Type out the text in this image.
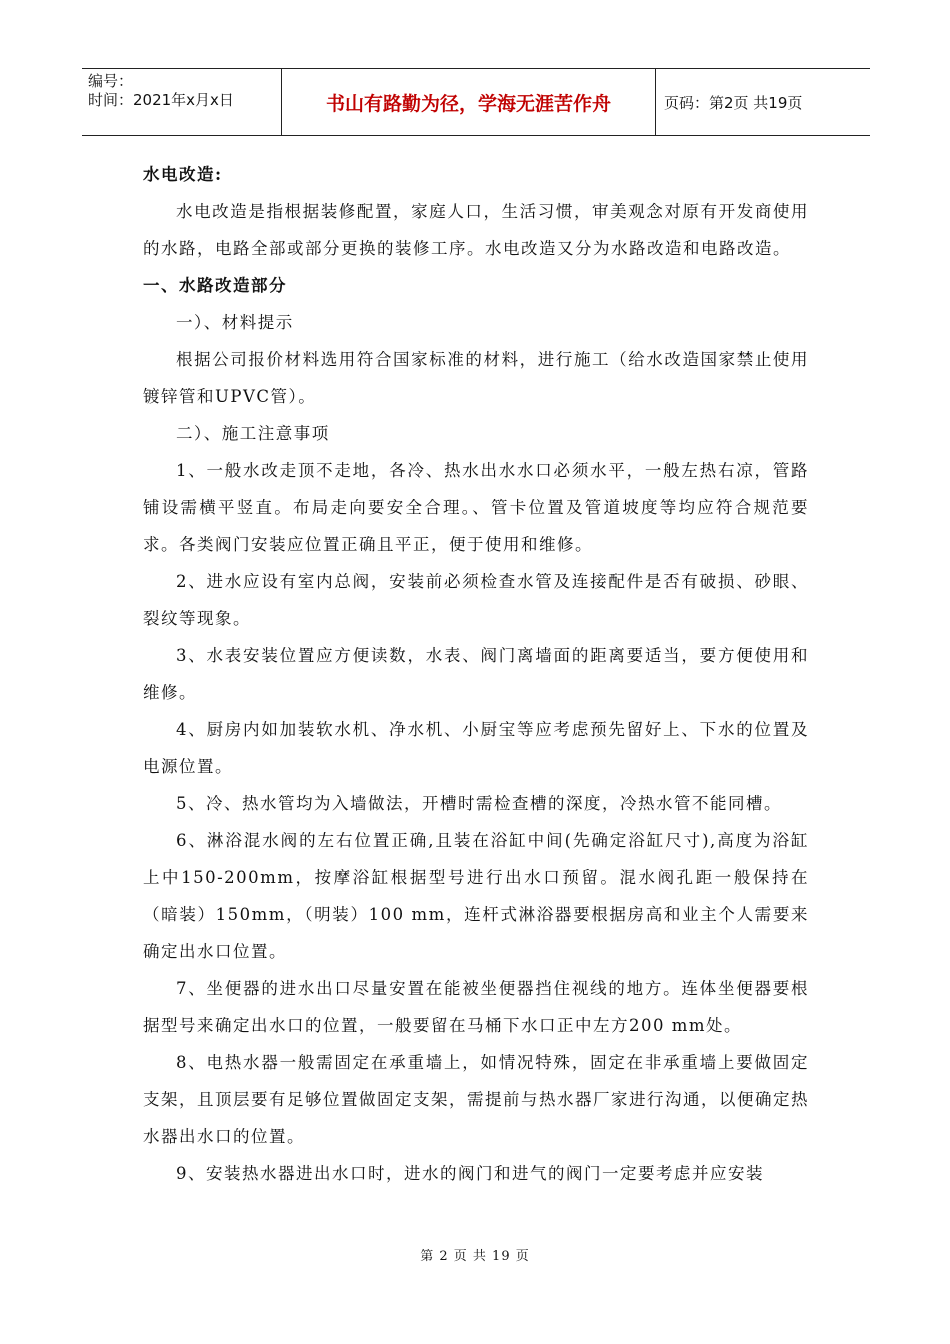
编号：
时间：2021年x月x日	书山有路勤为径，学海无涯苦作舟	页码：第2页 共19页

水电改造:

水电改造是指根据装修配置，家庭人口，生活习惯，审美观念对原有开发商使用的水路，电路全部或部分更换的装修工序。水电改造又分为水路改造和电路改造。

一、水路改造部分

一）、材料提示

根据公司报价材料选用符合国家标准的材料，进行施工（给水改造国家禁止使用镀锌管和UPVC管）。

二）、施工注意事项

1、一般水改走顶不走地，各冷、热水出水水口必须水平，一般左热右凉，管路铺设需横平竖直。布局走向要安全合理。、管卡位置及管道坡度等均应符合规范要求。各类阀门安装应位置正确且平正，便于使用和维修。

2、进水应设有室内总阀，安装前必须检查水管及连接配件是否有破损、砂眼、裂纹等现象。

3、水表安装位置应方便读数，水表、阀门离墙面的距离要适当，要方便使用和维修。

4、厨房内如加装软水机、净水机、小厨宝等应考虑预先留好上、下水的位置及电源位置。

5、冷、热水管均为入墙做法，开槽时需检查槽的深度，冷热水管不能同槽。

6、淋浴混水阀的左右位置正确,且装在浴缸中间(先确定浴缸尺寸),高度为浴缸上中150-200mm，按摩浴缸根据型号进行出水口预留。混水阀孔距一般保持在（暗装）150mm，（明装）100 mm，连杆式淋浴器要根据房高和业主个人需要来确定出水口位置。

7、坐便器的进水出口尽量安置在能被坐便器挡住视线的地方。连体坐便器要根据型号来确定出水口的位置，一般要留在马桶下水口正中左方200 mm处。

8、电热水器一般需固定在承重墙上，如情况特殊，固定在非承重墙上要做固定支架，且顶层要有足够位置做固定支架，需提前与热水器厂家进行沟通，以便确定热水器出水口的位置。

9、安装热水器进出水口时，进水的阀门和进气的阀门一定要考虑并应安装

第 2 页 共 19 页
